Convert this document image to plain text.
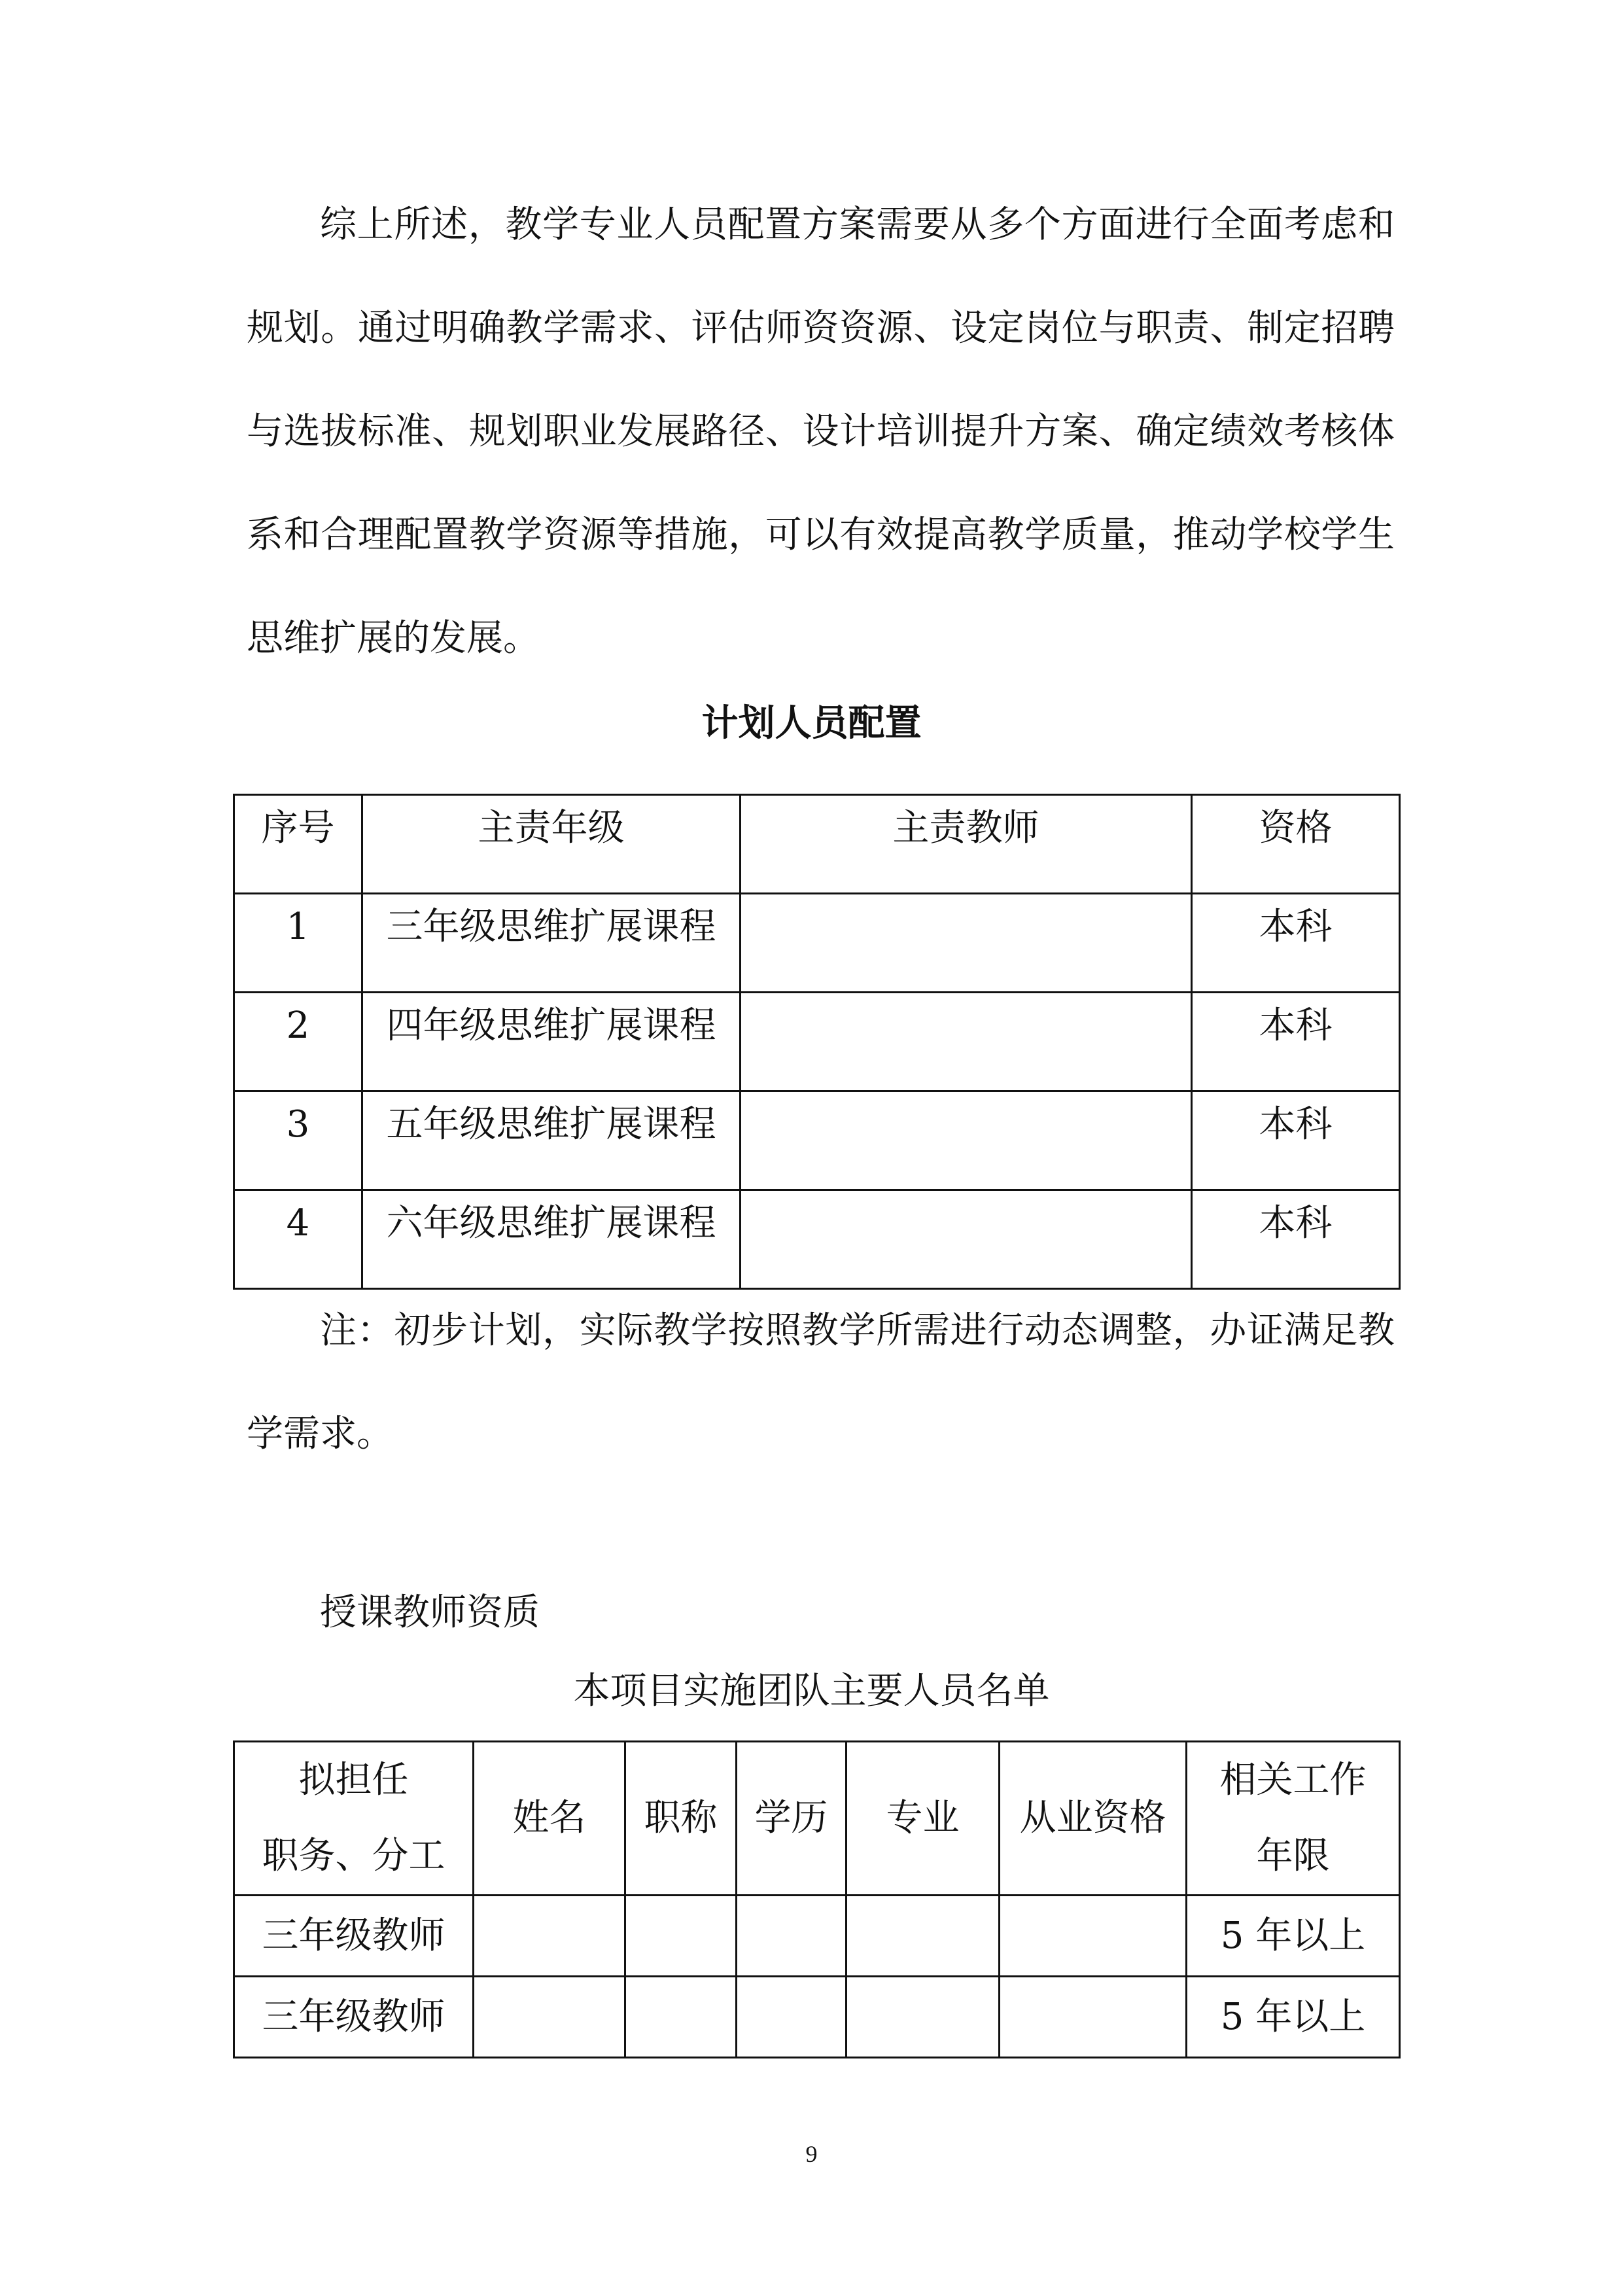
综上所述，教学专业人员配置方案需要从多个方面进行全面考虑和规划。通过明确教学需求、评估师资资源、设定岗位与职责、制定招聘与选拔标准、规划职业发展路径、设计培训提升方案、确定绩效考核体系和合理配置教学资源等措施，可以有效提高教学质量，推动学校学生思维扩展的发展。

计划人员配置
序号	主责年级	主责教师	资格
1	三年级思维扩展课程		本科
2	四年级思维扩展课程		本科
3	五年级思维扩展课程		本科
4	六年级思维扩展课程		本科

注：初步计划，实际教学按照教学所需进行动态调整，办证满足教学需求。

授课教师资质

本项目实施团队主要人员名单

拟担任
职务、分工	姓名	职称	学历	专业	从业资格	相关工作
年限
三年级教师						5 年以上
三年级教师						5 年以上
9
